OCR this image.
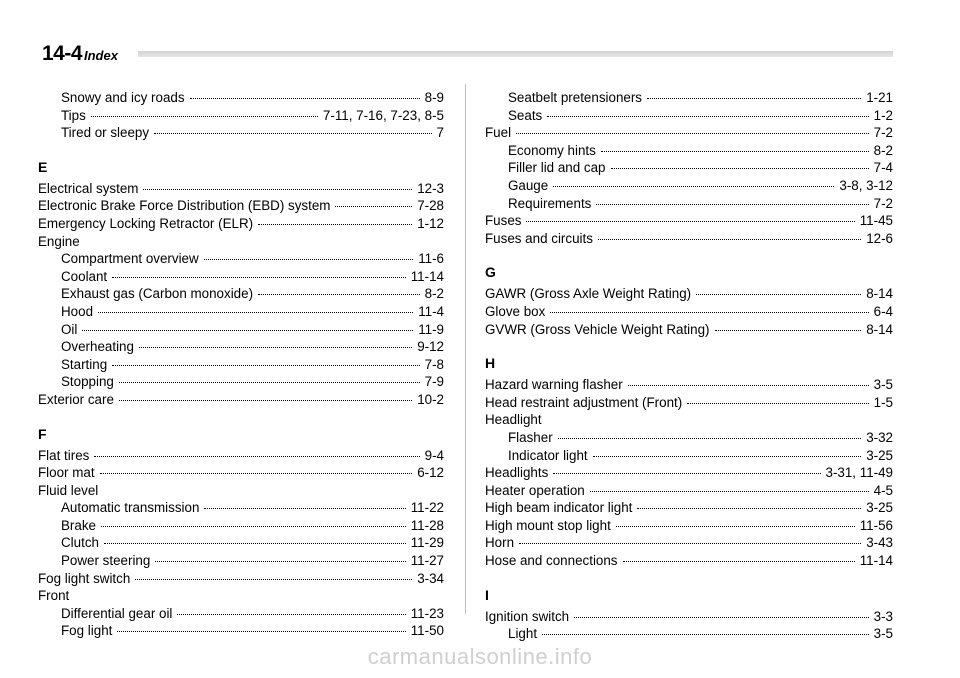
14-4 Index
Snowy and icy roads	8-9
Tips	7-11, 7-16, 7-23, 8-5
Tired or sleepy	7
E
Electrical system	12-3
Electronic Brake Force Distribution (EBD) system	7-28
Emergency Locking Retractor (ELR)	1-12
Engine
Compartment overview	11-6
Coolant	11-14
Exhaust gas (Carbon monoxide)	8-2
Hood	11-4
Oil	11-9
Overheating	9-12
Starting	7-8
Stopping	7-9
Exterior care	10-2
F
Flat tires	9-4
Floor mat	6-12
Fluid level
Automatic transmission	11-22
Brake	11-28
Clutch	11-29
Power steering	11-27
Fog light switch	3-34
Front
Differential gear oil	11-23
Fog light	11-50
Seatbelt pretensioners	1-21
Seats	1-2
Fuel	7-2
Economy hints	8-2
Filler lid and cap	7-4
Gauge	3-8, 3-12
Requirements	7-2
Fuses	11-45
Fuses and circuits	12-6
G
GAWR (Gross Axle Weight Rating)	8-14
Glove box	6-4
GVWR (Gross Vehicle Weight Rating)	8-14
H
Hazard warning flasher	3-5
Head restraint adjustment (Front)	1-5
Headlight
Flasher	3-32
Indicator light	3-25
Headlights	3-31, 11-49
Heater operation	4-5
High beam indicator light	3-25
High mount stop light	11-56
Horn	3-43
Hose and connections	11-14
I
Ignition switch	3-3
Light	3-5
carmanualsonline.info
